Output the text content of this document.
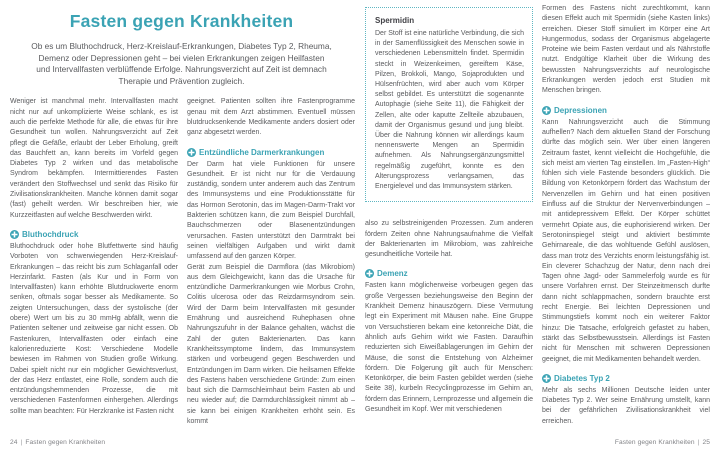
Fasten gegen Krankheiten

Ob es um Bluthochdruck, Herz-Kreislauf-Erkrankungen, Diabetes Typ 2, Rheuma, Demenz oder Depressionen geht – bei vielen Erkrankungen zeigen Heilfasten und Intervallfasten verblüffende Erfolge. Nahrungsverzicht auf Zeit ist demnach Therapie und Prävention zugleich.

Weniger ist manchmal mehr. Intervallfasten macht nicht nur auf unkomplizierte Weise schlank, es ist auch die perfekte Methode für alle, die etwas für ihre Gesundheit tun wollen. Nahrungsverzicht auf Zeit pflegt die Gefäße, erlaubt der Leber Erholung, greift das Bauchfett an, kann bereits im Vorfeld gegen Diabetes Typ 2 wirken und das metabolische Syndrom bekämpfen. Intermittierendes Fasten verändert den Stoffwechsel und senkt das Risiko für Zivilisationskrankheiten. Manche können damit sogar (fast) geheilt werden. Wir beschreiben hier, wie Kurzzeitfasten auf welche Beschwerden wirkt.

Bluthochdruck

Bluthochdruck oder hohe Blutfettwerte sind häufig Vorboten von schwerwiegenden Herz-Kreislauf-Erkrankungen – das reicht bis zum Schlaganfall oder Herzinfarkt. Fasten (als Kur und in Form von Intervallfasten) kann erhöhte Blutdruckwerte enorm senken, oftmals sogar besser als Medikamente. So zeigten Untersuchungen, dass der systolische (der obere) Wert um bis zu 30 mmHg abfällt, wenn die Patienten seltener und zeitweise gar nicht essen. Ob Fastenkuren, Intervallfasten oder einfach eine kalorienreduzierte Kost: Verschiedene Modelle bewiesen im Rahmen von Studien große Wirkung. Dabei spielt nicht nur ein möglicher Gewichtsverlust, der das Herz entlastet, eine Rolle, sondern auch die entzündungshemmenden Prozesse, die mit verschiedenen Fastenformen einhergehen. Allerdings sollte man beachten: Für Herzkranke ist Fasten nicht

geeignet. Patienten sollten ihre Fastenprogramme genau mit dem Arzt abstimmen. Eventuell müssen blutdrucksenkende Medikamente anders dosiert oder ganz abgesetzt werden.

Entzündliche Darmerkrankungen

Der Darm hat viele Funktionen für unsere Gesundheit. Er ist nicht nur für die Verdauung zuständig, sondern unter anderem auch das Zentrum des Immunsystems und eine Produktionsstätte für das Hormon Serotonin, das im Magen-Darm-Trakt vor Bakterien schützen kann, die zum Beispiel Durchfall, Bauchschmerzen oder Blasenentzündungen verursachen. Fasten unterstützt den Darmtrakt bei seinen vielfältigen Aufgaben und wirkt damit umfassend auf den ganzen Körper.

Gerät zum Beispiel die Darmflora (das Mikrobiom) aus dem Gleichgewicht, kann das die Ursache für entzündliche Darmerkrankungen wie Morbus Crohn, Colitis ulcerosa oder das Reizdarmsyndrom sein. Wird der Darm beim Intervallfasten mit gesunder Ernährung und ausreichend Ruhephasen ohne Nahrungszufuhr in der Balance gehalten, wächst die Zahl der guten Bakterienarten. Das kann Krankheitssymptome lindern, das Immunsystem stärken und vorbeugend gegen Beschwerden und Entzündungen im Darm wirken. Die heilsamen Effekte des Fastens haben verschiedene Gründe: Zum einen baut sich die Darmschleimhaut beim Fasten ab und neu wieder auf; die Darmdurchlässigkeit nimmt ab – sie kann bei einigen Krankheiten erhöht sein. Es kommt

24 | Fasten gegen Krankheiten
Spermidin

Der Stoff ist eine natürliche Verbindung, die sich in der Samenflüssigkeit des Menschen sowie in verschiedenen Lebensmitteln findet. Spermidin steckt in Weizenkeimen, gereiftem Käse, Pilzen, Brokkoli, Mango, Sojaprodukten und Hülsenfrüchten, wird aber auch vom Körper selbst gebildet. Es unterstützt die sogenannte Autophagie (siehe Seite 11), die Fähigkeit der Zellen, alte oder kaputte Zellteile abzubauen, damit der Organismus gesund und jung bleibt. Über die Nahrung können wir allerdings kaum nennenswerte Mengen an Spermidin aufnehmen. Als Nahrungsergänzungsmittel regelmäßig zugeführt, konnte es den Alterungsprozess verlangsamen, das Energielevel und das Immunsystem stärken.

also zu selbstreinigenden Prozessen. Zum anderen fördern Zeiten ohne Nahrungsaufnahme die Vielfalt der Bakterienarten im Mikrobiom, was zahlreiche gesundheitliche Vorteile hat.

Demenz

Fasten kann möglicherweise vorbeugen gegen das große Vergessen beziehungsweise den Beginn der Krankheit Demenz hinauszögern. Diese Vermutung legt ein Experiment mit Mäusen nahe. Eine Gruppe von Versuchstieren bekam eine ketonreiche Diät, die ähnlich aufs Gehirn wirkt wie Fasten. Daraufhin reduzierten sich Eiweißablagerungen im Gehirn der Mäuse, die sonst die Entstehung von Alzheimer fördern. Die Folgerung gilt auch für Menschen: Ketonkörper, die beim Fasten gebildet werden (siehe Seite 38), kurbeln Recyclingprozesse im Gehirn an, fördern das Erinnern, Lernprozesse und allgemein die Gesundheit im Kopf. Wer mit verschiedenen

Formen des Fastens nicht zurechtkommt, kann diesen Effekt auch mit Spermidin (siehe Kasten links) erreichen. Dieser Stoff simuliert im Körper eine Art Hungermodus, sodass der Organismus abgelagerte Proteine wie beim Fasten verdaut und als Nährstoffe nutzt. Endgültige Klarheit über die Wirkung des bewussten Nahrungsverzichts auf neurologische Erkrankungen werden jedoch erst Studien mit Menschen bringen.

Depressionen

Kann Nahrungsverzicht auch die Stimmung aufhellen? Nach dem aktuellen Stand der Forschung dürfte das möglich sein. Wer über einen längeren Zeitraum fastet, kennt vielleicht die Hochgefühle, die sich meist am vierten Tag einstellen. Im „Fasten-High“ fühlen sich viele Fastende besonders glücklich. Die Bildung von Ketonkörpern fördert das Wachstum der Nervenzellen im Gehirn und hat einen positiven Einfluss auf die Struktur der Nervenverbindungen – mit antidepressivem Effekt. Der Körper schüttet vermehrt Opiate aus, die euphorisierend wirken. Der Serotoninspiegel steigt und aktiviert bestimmte Gehirnareale, die das wohltuende Gefühl auslösen, dass man trotz des Verzichts enorm leistungsfähig ist. Ein cleverer Schachzug der Natur, denn nach drei Tagen ohne Jagd- oder Sammelerfolg wurde es für unsere Vorfahren ernst. Der Steinzeitmensch durfte dann nicht schlappmachen, sondern brauchte erst recht Energie. Bei leichten Depressionen und Stimmungstiefs kommt noch ein weiterer Faktor hinzu: Die Tatsache, erfolgreich gefastet zu haben, stärkt das Selbstbewusstsein. Allerdings ist Fasten nicht für Menschen mit schweren Depressionen geeignet, die mit Medikamenten behandelt werden.

Diabetes Typ 2

Mehr als sechs Millionen Deutsche leiden unter Diabetes Typ 2. Wer seine Ernährung umstellt, kann bei der gefährlichen Zivilisationskrankheit viel erreichen.

Fasten gegen Krankheiten | 25
